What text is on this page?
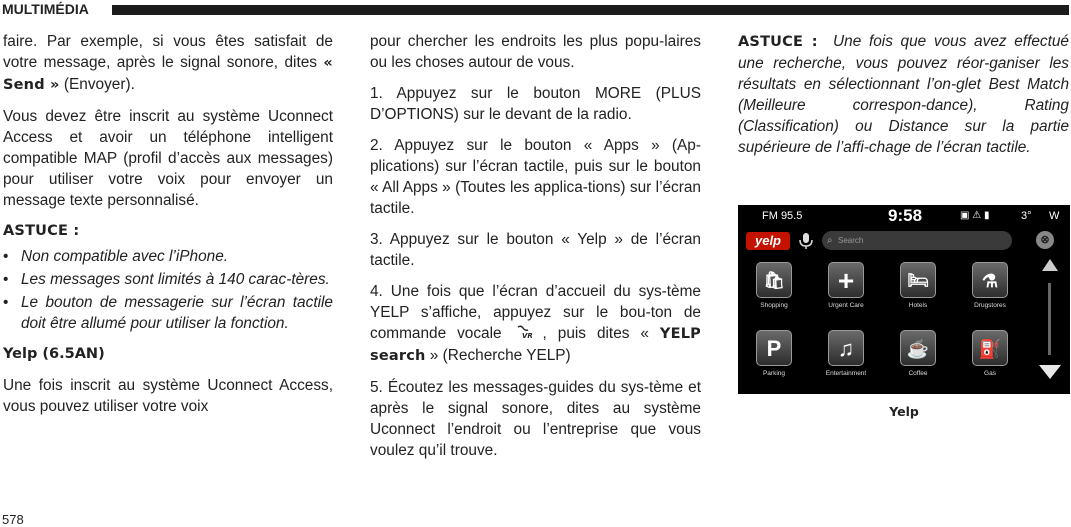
MULTIMÉDIA

faire. Par exemple, si vous êtes satisfait de votre message, après le signal sonore, dites « Send » (Envoyer).

Vous devez être inscrit au système Uconnect Access et avoir un téléphone intelligent compatible MAP (profil d’accès aux messages) pour utiliser votre voix pour envoyer un message texte personnalisé.

ASTUCE :
• Non compatible avec l’iPhone.
• Les messages sont limités à 140 carac-tères.
• Le bouton de messagerie sur l’écran tactile doit être allumé pour utiliser la fonction.
Yelp (6.5AN)

Une fois inscrit au système Uconnect Access, vous pouvez utiliser votre voix

pour chercher les endroits les plus popu-laires ou les choses autour de vous.

1. Appuyez sur le bouton MORE (PLUS D’OPTIONS) sur le devant de la radio.

2. Appuyez sur le bouton « Apps » (Ap-plications) sur l’écran tactile, puis sur le bouton « All Apps » (Toutes les applica-tions) sur l’écran tactile.

3. Appuyez sur le bouton « Yelp » de l’écran tactile.

4. Une fois que l’écran d’accueil du sys-tème YELP s’affiche, appuyez sur le bou-ton de commande vocale VR , puis dites « YELP search » (Recherche YELP)

5. Écoutez les messages-guides du sys-tème et après le signal sonore, dites au système Uconnect l’endroit ou l’entreprise que vous voulez qu’il trouve.

ASTUCE : Une fois que vous avez effectué une recherche, vous pouvez réor-ganiser les résultats en sélectionnant l’on-glet Best Match (Meilleure correspon-dance), Rating (Classification) ou Distance sur la partie supérieure de l’affi-chage de l’écran tactile.

FM 95.5	9:58	▣ ⚠ ▮	3° W
yelp
⌕	Search	⊗
🛍
Shopping
+
Urgent Care
🛏
Hotels
⚗
Drugstores
P
Parking
♫
Entertainment
☕
Coffee
⛽
Gas
Yelp
578
